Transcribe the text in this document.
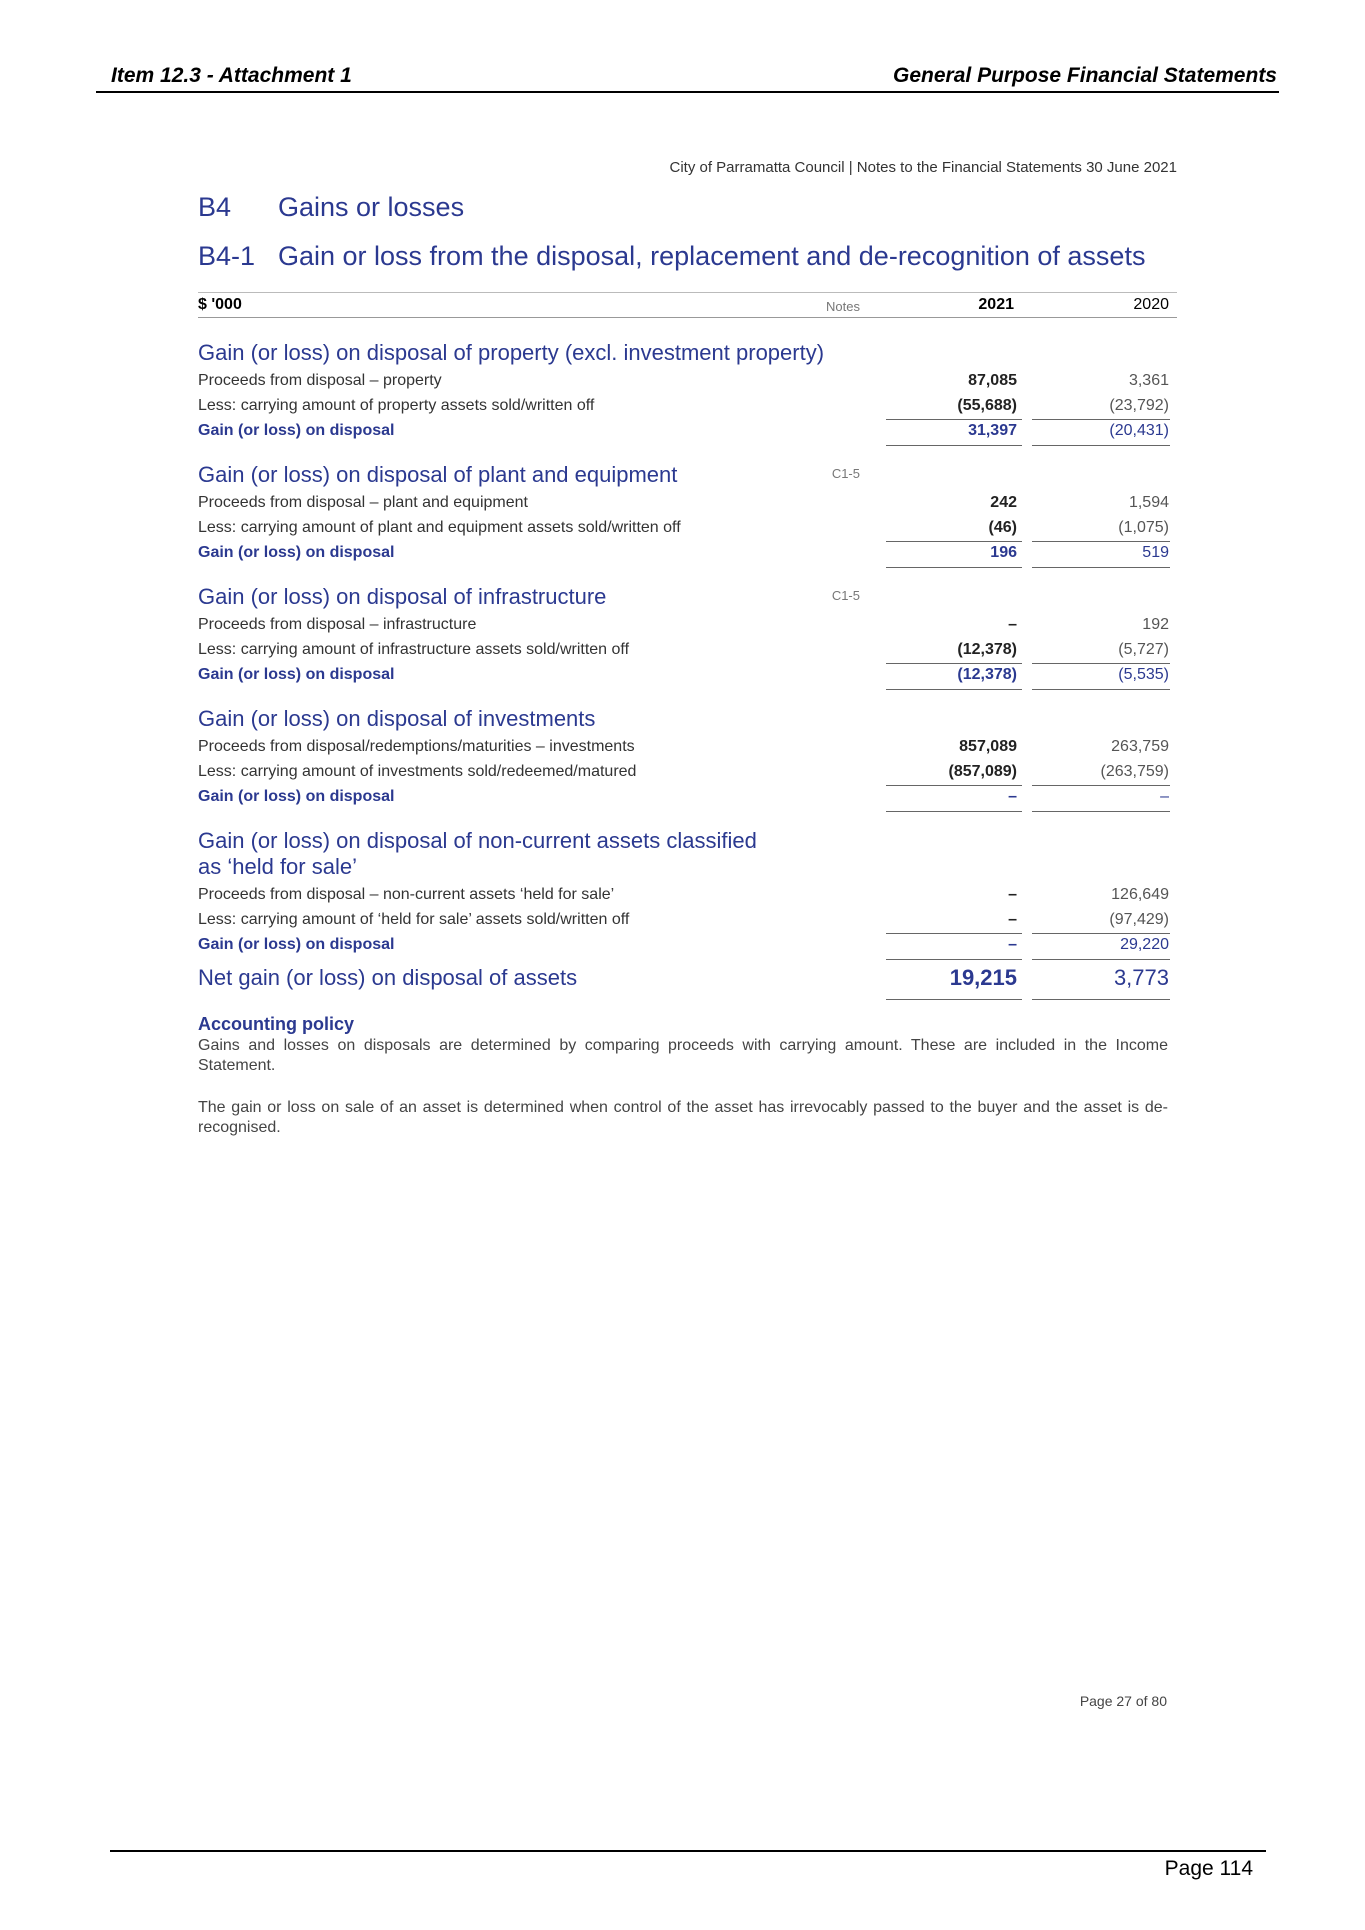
Item 12.3 - Attachment 1	General Purpose Financial Statements
City of Parramatta Council | Notes to the Financial Statements 30 June 2021
B4 Gains or losses
B4-1 Gain or loss from the disposal, replacement and de-recognition of assets
$ '000	Notes	2021	2020
Gain (or loss) on disposal of property (excl. investment property)
Proceeds from disposal – property	87,085	3,361
Less: carrying amount of property assets sold/written off	(55,688)	(23,792)
Gain (or loss) on disposal	31,397	(20,431)
Gain (or loss) on disposal of plant and equipment	C1-5
Proceeds from disposal – plant and equipment	242	1,594
Less: carrying amount of plant and equipment assets sold/written off	(46)	(1,075)
Gain (or loss) on disposal	196	519
Gain (or loss) on disposal of infrastructure	C1-5
Proceeds from disposal – infrastructure	–	192
Less: carrying amount of infrastructure assets sold/written off	(12,378)	(5,727)
Gain (or loss) on disposal	(12,378)	(5,535)
Gain (or loss) on disposal of investments
Proceeds from disposal/redemptions/maturities – investments	857,089	263,759
Less: carrying amount of investments sold/redeemed/matured	(857,089)	(263,759)
Gain (or loss) on disposal	–	–
Gain (or loss) on disposal of non-current assets classified
as ‘held for sale’
Proceeds from disposal – non-current assets ‘held for sale’	–	126,649
Less: carrying amount of ‘held for sale’ assets sold/written off	–	(97,429)
Gain (or loss) on disposal	–	29,220
Net gain (or loss) on disposal of assets	19,215	3,773
Accounting policy
Gains and losses on disposals are determined by comparing proceeds with carrying amount. These are included in the Income Statement.
The gain or loss on sale of an asset is determined when control of the asset has irrevocably passed to the buyer and the asset is de-recognised.
Page 27 of 80
Page 114
